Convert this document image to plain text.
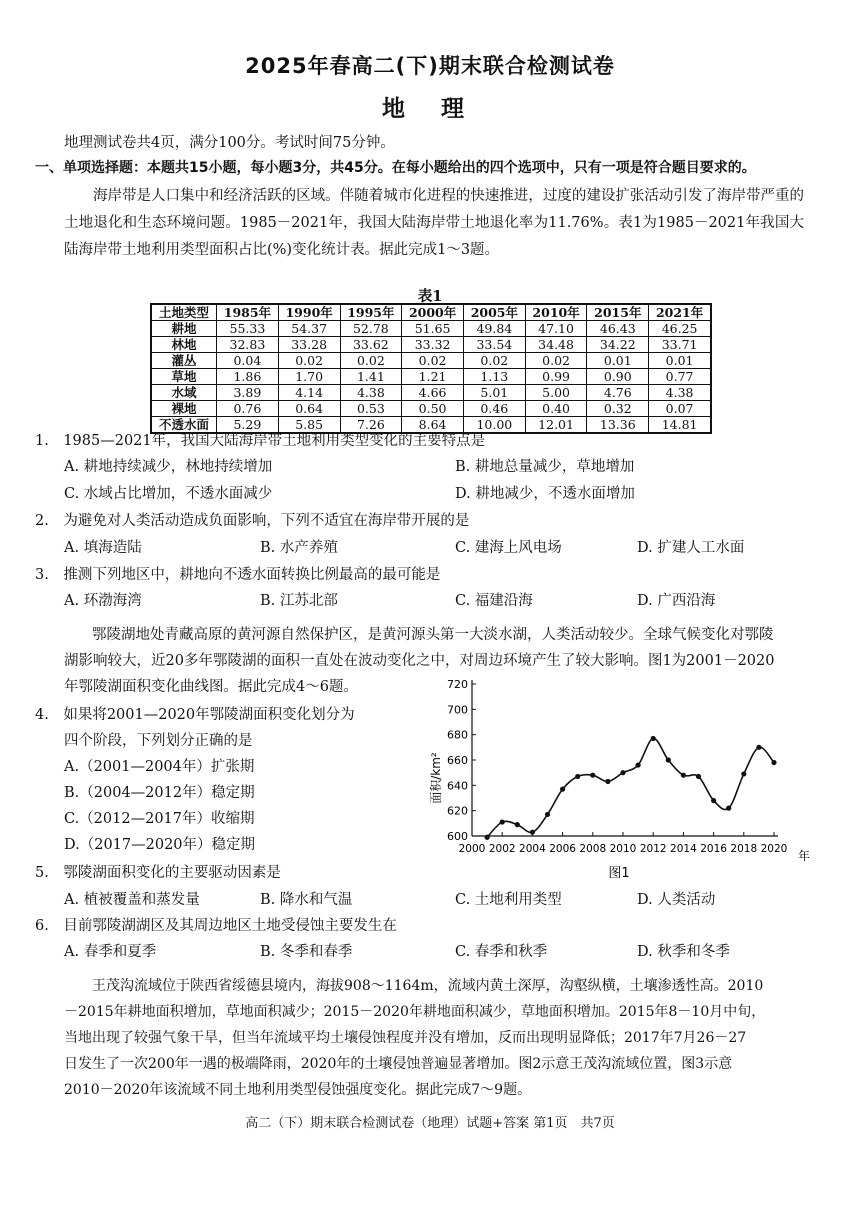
2025年春高二(下)期末联合检测试卷
地 理
地理测试卷共4页，满分100分。考试时间75分钟。
一、单项选择题：本题共15小题，每小题3分，共45分。在每小题给出的四个选项中，只有一项是符合题目要求的。
海岸带是人口集中和经济活跃的区域。伴随着城市化进程的快速推进，过度的建设扩张活动引发了海岸带严重的土地退化和生态环境问题。1985－2021年，我国大陆海岸带土地退化率为11.76%。表1为1985－2021年我国大陆海岸带土地利用类型面积占比(%)变化统计表。据此完成1～3题。
表1
土地类型	1985年	1990年	1995年	2000年	2005年	2010年	2015年	2021年
耕地	55.33	54.37	52.78	51.65	49.84	47.10	46.43	46.25
林地	32.83	33.28	33.62	33.32	33.54	34.48	34.22	33.71
灌丛	0.04	0.02	0.02	0.02	0.02	0.02	0.01	0.01
草地	1.86	1.70	1.41	1.21	1.13	0.99	0.90	0.77
水域	3.89	4.14	4.38	4.66	5.01	5.00	4.76	4.38
裸地	0.76	0.64	0.53	0.50	0.46	0.40	0.32	0.07
不透水面	5.29	5.85	7.26	8.64	10.00	12.01	13.36	14.81
1.　1985—2021年，我国大陆海岸带土地利用类型变化的主要特点是
A. 耕地持续减少，林地持续增加	B. 耕地总量减少，草地增加
C. 水域占比增加，不透水面减少	D. 耕地减少，不透水面增加
2.　为避免对人类活动造成负面影响，下列不适宜在海岸带开展的是
A. 填海造陆	B. 水产养殖	C. 建海上风电场	D. 扩建人工水面
3.　推测下列地区中，耕地向不透水面转换比例最高的最可能是
A. 环渤海湾	B. 江苏北部	C. 福建沿海	D. 广西沿海
鄂陵湖地处青藏高原的黄河源自然保护区，是黄河源头第一大淡水湖，人类活动较少。全球气候变化对鄂陵
湖影响较大，近20多年鄂陵湖的面积一直处在波动变化之中，对周边环境产生了较大影响。图1为2001－2020
年鄂陵湖面积变化曲线图。据此完成4～6题。
4.　如果将2001—2020年鄂陵湖面积变化划分为
四个阶段，下列划分正确的是
A.（2001—2004年）扩张期
B.（2004—2012年）稳定期
C.（2012—2017年）收缩期
D.（2017—2020年）稳定期
600
620
640
660
680
700
720
2000 2002 2004 2006 2008 2010 2012 2014 2016 2018 2020
面积/km²
年
图1
5.　鄂陵湖面积变化的主要驱动因素是
A. 植被覆盖和蒸发量	B. 降水和气温	C. 土地利用类型	D. 人类活动
6.　目前鄂陵湖湖区及其周边地区土地受侵蚀主要发生在
A. 春季和夏季	B. 冬季和春季	C. 春季和秋季	D. 秋季和冬季
王茂沟流域位于陕西省绥德县境内，海拔908～1164m，流域内黄土深厚，沟壑纵横，土壤渗透性高。2010
－2015年耕地面积增加，草地面积减少；2015－2020年耕地面积减少，草地面积增加。2015年8－10月中旬，
当地出现了较强气象干旱，但当年流域平均土壤侵蚀程度并没有增加，反而出现明显降低；2017年7月26－27
日发生了一次200年一遇的极端降雨，2020年的土壤侵蚀普遍显著增加。图2示意王茂沟流域位置，图3示意
2010－2020年该流域不同土地利用类型侵蚀强度变化。据此完成7～9题。
高二（下）期末联合检测试卷（地理）试题+答案 第1页　共7页
